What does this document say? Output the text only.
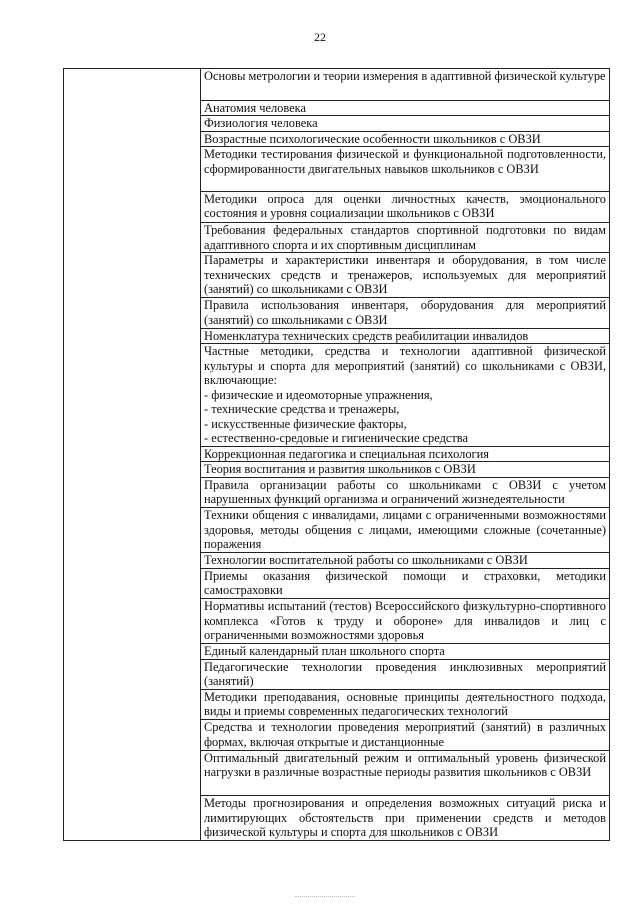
22
Основы метрологии и теории измерения в адаптивной физической культуре
Анатомия человека
Физиология человека
Возрастные психологические особенности школьников с ОВЗИ
Методики тестирования физической и функциональной подготовленности, сформированности двигательных навыков школьников с ОВЗИ
Методики опроса для оценки личностных качеств, эмоционального состояния и уровня социализации школьников с ОВЗИ
Требования федеральных стандартов спортивной подготовки по видам адаптивного спорта и их спортивным дисциплинам
Параметры и характеристики инвентаря и оборудования, в том числе технических средств и тренажеров, используемых для мероприятий (занятий) со школьниками с ОВЗИ
Правила использования инвентаря, оборудования для мероприятий (занятий) со школьниками с ОВЗИ
Номенклатура технических средств реабилитации инвалидов
Частные методики, средства и технологии адаптивной физической культуры и спорта для мероприятий (занятий) со школьниками с ОВЗИ, включающие:
- физические и идеомоторные упражнения,
- технические средства и тренажеры,
- искусственные физические факторы,
- естественно-средовые и гигиенические средства
Коррекционная педагогика и специальная психология
Теория воспитания и развития школьников с ОВЗИ
Правила организации работы со школьниками с ОВЗИ с учетом нарушенных функций организма и ограничений жизнедеятельности
Техники общения с инвалидами, лицами с ограниченными возможностями здоровья, методы общения с лицами, имеющими сложные (сочетанные) поражения
Технологии воспитательной работы со школьниками с ОВЗИ
Приемы оказания физической помощи и страховки, методики самостраховки
Нормативы испытаний (тестов) Всероссийского физкультурно-спортивного комплекса «Готов к труду и обороне» для инвалидов и лиц с ограниченными возможностями здоровья
Единый календарный план школьного спорта
Педагогические технологии проведения инклюзивных мероприятий (занятий)
Методики преподавания, основные принципы деятельностного подхода, виды и приемы современных педагогических технологий
Средства и технологии проведения мероприятий (занятий) в различных формах, включая открытые и дистанционные
Оптимальный двигательный режим и оптимальный уровень физической нагрузки в различные возрастные периоды развития школьников с ОВЗИ
Методы прогнозирования и определения возможных ситуаций риска и лимитирующих обстоятельств при применении средств и методов физической культуры и спорта для школьников с ОВЗИ
